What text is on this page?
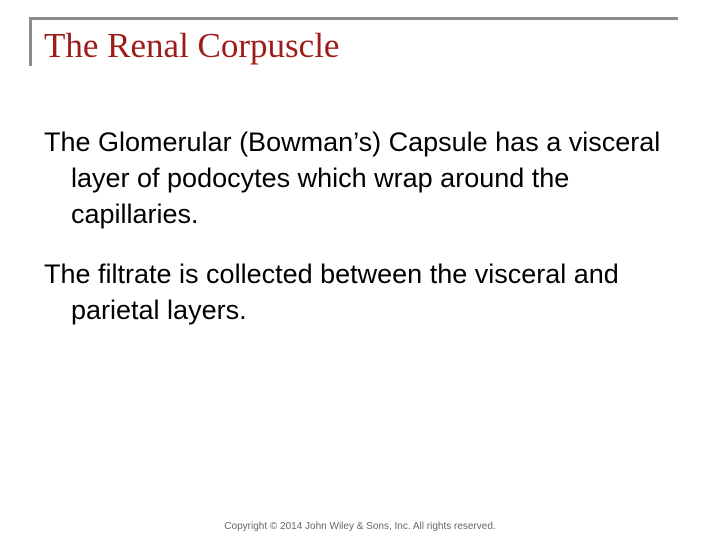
The Renal Corpuscle
The Glomerular (Bowman’s) Capsule has a visceral layer of podocytes which wrap around the capillaries.
The filtrate is collected between the visceral and parietal layers.
Copyright © 2014 John Wiley & Sons, Inc. All rights reserved.
